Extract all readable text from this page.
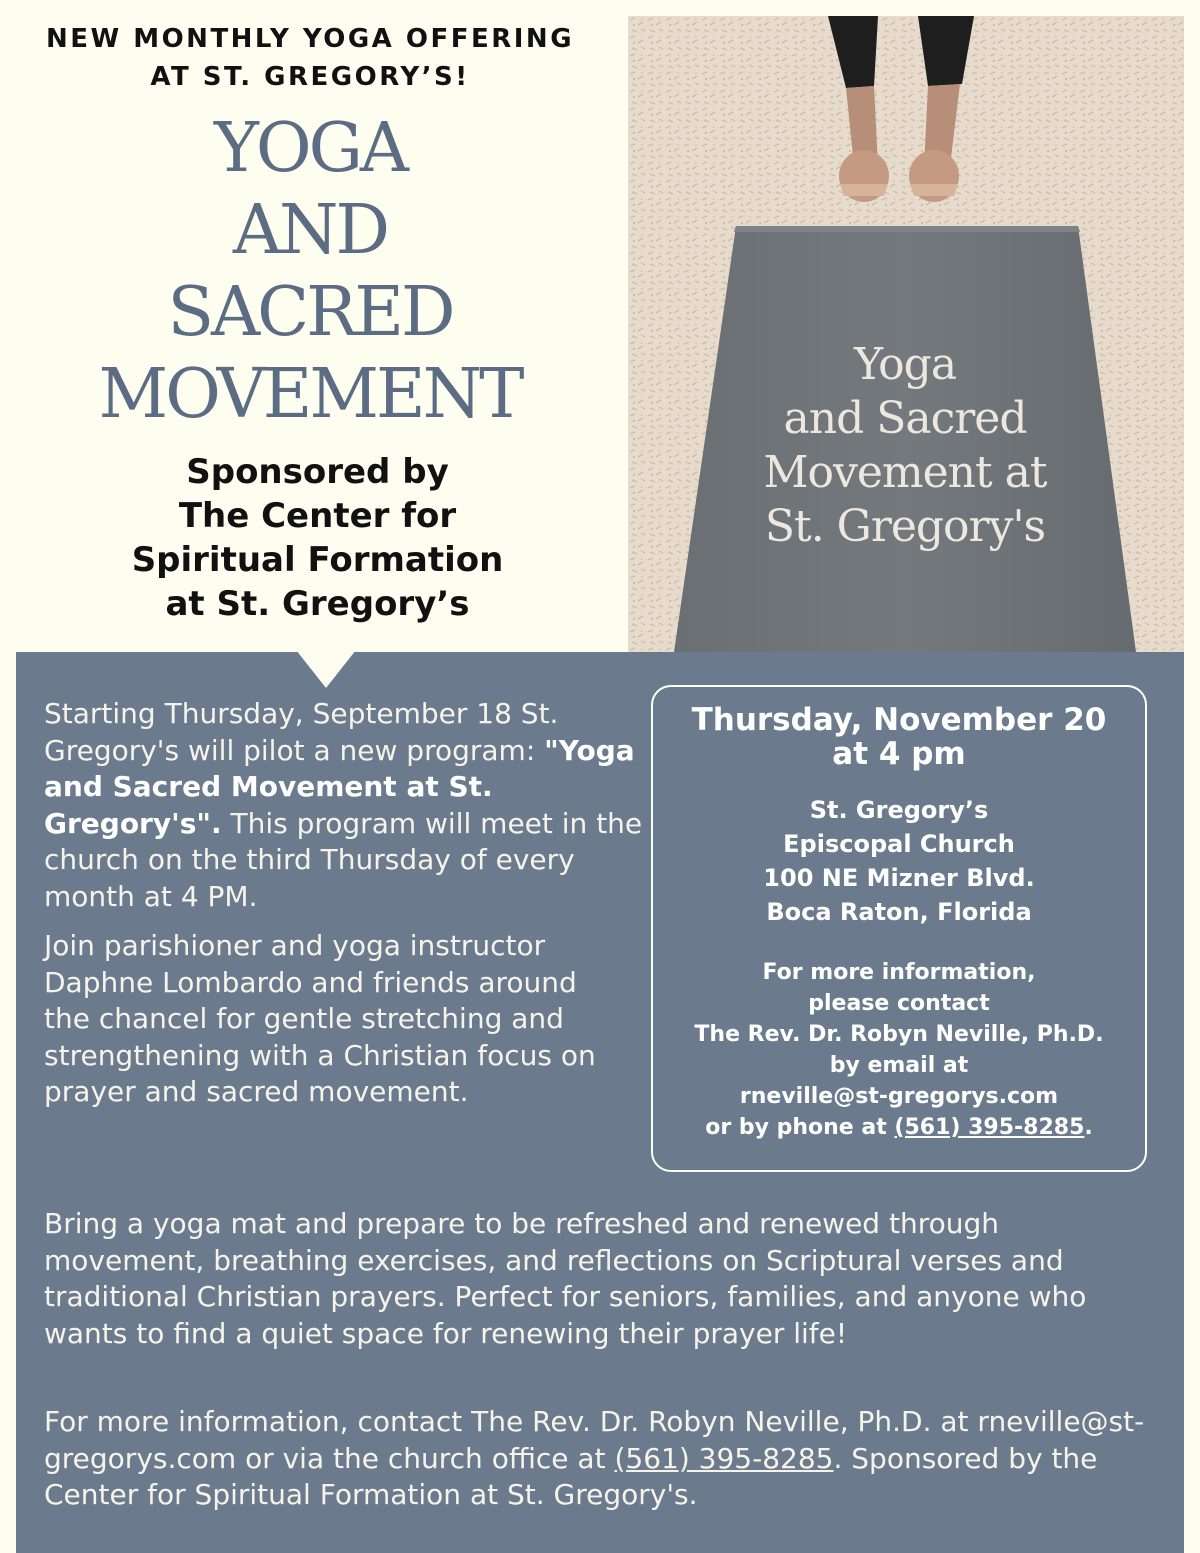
NEW MONTHLY YOGA OFFERING
AT ST. GREGORY’S!
YOGA
AND
SACRED
MOVEMENT
Sponsored by
The Center for
Spiritual Formation
at St. Gregory’s
Yoga
and Sacred
Movement at
St. Gregory's
Starting Thursday, September 18 St. Gregory's will pilot a new program: "Yoga and Sacred Movement at St. Gregory's". This program will meet in the church on the third Thursday of every month at 4 PM.
Join parishioner and yoga instructor Daphne Lombardo and friends around the chancel for gentle stretching and strengthening with a Christian focus on prayer and sacred movement.
Bring a yoga mat and prepare to be refreshed and renewed through movement, breathing exercises, and reflections on Scriptural verses and traditional Christian prayers. Perfect for seniors, families, and anyone who wants to find a quiet space for renewing their prayer life!
For more information, contact The Rev. Dr. Robyn Neville, Ph.D. at rneville@st-gregorys.com or via the church office at (561) 395-8285. Sponsored by the Center for Spiritual Formation at St. Gregory's.
Thursday, November 20
at 4 pm
St. Gregory’s
Episcopal Church
100 NE Mizner Blvd.
Boca Raton, Florida
For more information,
please contact
The Rev. Dr. Robyn Neville, Ph.D.
by email at
rneville@st-gregorys.com
or by phone at (561) 395-8285.
